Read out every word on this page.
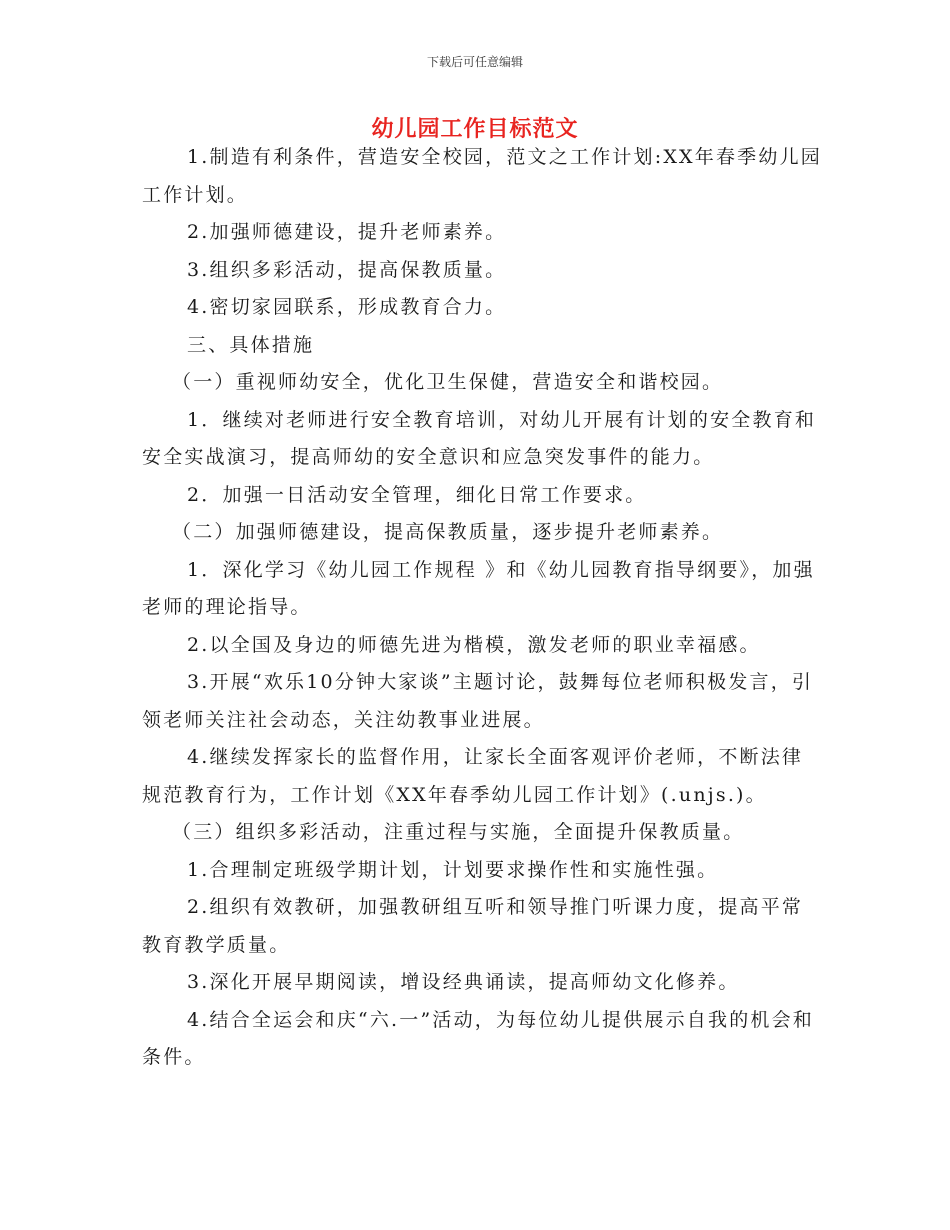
下载后可任意编辑
幼儿园工作目标范文

1.制造有利条件，营造安全校园，范文之工作计划:XX年春季幼儿园工作计划。

2.加强师德建设，提升老师素养。

3.组织多彩活动，提高保教质量。

4.密切家园联系，形成教育合力。

三、具体措施

（一）重视师幼安全，优化卫生保健，营造安全和谐校园。

1．继续对老师进行安全教育培训，对幼儿开展有计划的安全教育和安全实战演习，提高师幼的安全意识和应急突发事件的能力。

2．加强一日活动安全管理，细化日常工作要求。

（二）加强师德建设，提高保教质量，逐步提升老师素养。

1．深化学习《幼儿园工作规程 》和《幼儿园教育指导纲要》，加强老师的理论指导。

2.以全国及身边的师德先进为楷模，激发老师的职业幸福感。

3.开展“欢乐10分钟大家谈”主题讨论，鼓舞每位老师积极发言，引领老师关注社会动态，关注幼教事业进展。

4.继续发挥家长的监督作用，让家长全面客观评价老师，不断法律规范教育行为，工作计划《XX年春季幼儿园工作计划》(.unjs.)。

（三）组织多彩活动，注重过程与实施，全面提升保教质量。

1.合理制定班级学期计划，计划要求操作性和实施性强。

2.组织有效教研，加强教研组互听和领导推门听课力度，提高平常教育教学质量。

3.深化开展早期阅读，增设经典诵读，提高师幼文化修养。

4.结合全运会和庆“六.一”活动，为每位幼儿提供展示自我的机会和条件。
